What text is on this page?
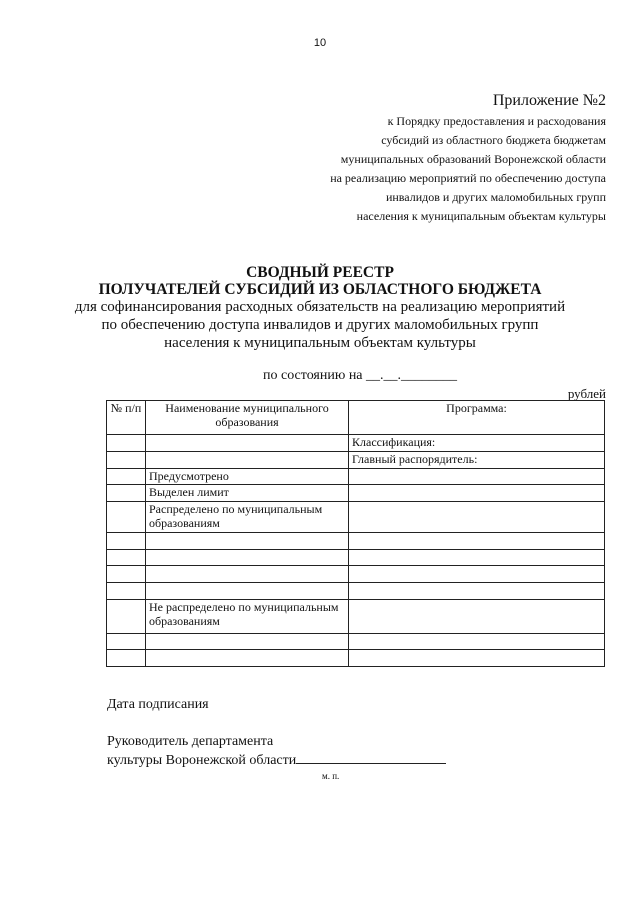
10
Приложение №2
к Порядку предоставления и расходования
субсидий из областного бюджета бюджетам
муниципальных образований Воронежской области
на реализацию мероприятий по обеспечению доступа
инвалидов и других маломобильных групп
населения к муниципальным объектам культуры
СВОДНЫЙ РЕЕСТР
ПОЛУЧАТЕЛЕЙ СУБСИДИЙ ИЗ ОБЛАСТНОГО БЮДЖЕТА
для софинансирования расходных обязательств на реализацию мероприятий
по обеспечению доступа инвалидов и других маломобильных групп
населения к муниципальным объектам культуры
по состоянию на __.__.________
рублей
№ п/п	Наименование муниципального образования	Программа:
		Классификация:
		Главный распорядитель:
	Предусмотрено	
	Выделен лимит	
	Распределено по муниципальным образованиям	

	Не распределено по муниципальным образованиям	

Дата подписания
Руководитель департамента
культуры Воронежской области
м. п.
